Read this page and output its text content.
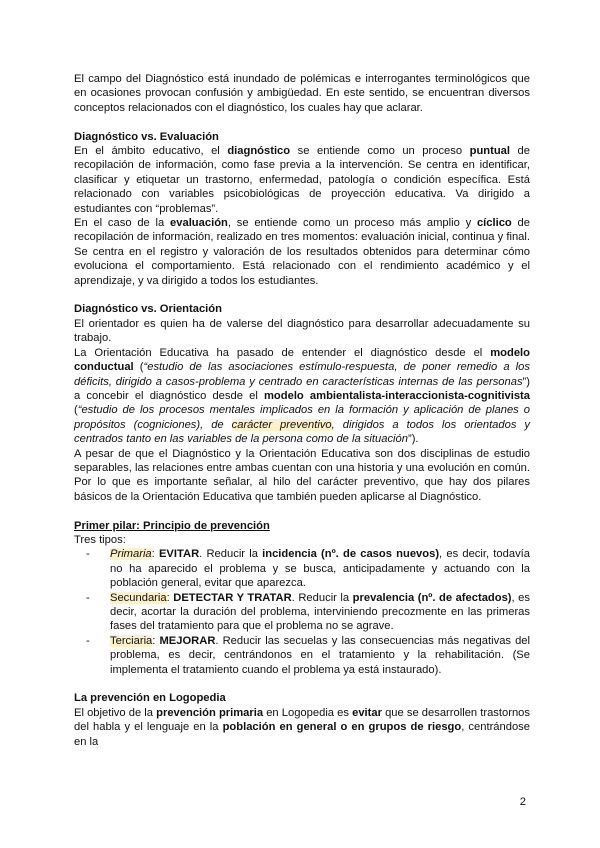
El campo del Diagnóstico está inundado de polémicas e interrogantes terminológicos que en ocasiones provocan confusión y ambigüedad. En este sentido, se encuentran diversos conceptos relacionados con el diagnóstico, los cuales hay que aclarar.

Diagnóstico vs. Evaluación

En el ámbito educativo, el diagnóstico se entiende como un proceso puntual de recopilación de información, como fase previa a la intervención. Se centra en identificar, clasificar y etiquetar un trastorno, enfermedad, patología o condición específica. Está relacionado con variables psicobiológicas de proyección educativa. Va dirigido a estudiantes con “problemas”.

En el caso de la evaluación, se entiende como un proceso más amplio y cíclico de recopilación de información, realizado en tres momentos: evaluación inicial, continua y final. Se centra en el registro y valoración de los resultados obtenidos para determinar cómo evoluciona el comportamiento. Está relacionado con el rendimiento académico y el aprendizaje, y va dirigido a todos los estudiantes.

Diagnóstico vs. Orientación

El orientador es quien ha de valerse del diagnóstico para desarrollar adecuadamente su trabajo.

La Orientación Educativa ha pasado de entender el diagnóstico desde el modelo conductual (“estudio de las asociaciones estímulo-respuesta, de poner remedio a los déficits, dirigido a casos-problema y centrado en características internas de las personas”) a concebir el diagnóstico desde el modelo ambientalista-interaccionista-cognitivista (“estudio de los procesos mentales implicados en la formación y aplicación de planes o propósitos (cogniciones), de carácter preventivo, dirigidos a todos los orientados y centrados tanto en las variables de la persona como de la situación”).

A pesar de que el Diagnóstico y la Orientación Educativa son dos disciplinas de estudio separables, las relaciones entre ambas cuentan con una historia y una evolución en común. Por lo que es importante señalar, al hilo del carácter preventivo, que hay dos pilares básicos de la Orientación Educativa que también pueden aplicarse al Diagnóstico.

Primer pilar: Principio de prevención

Tres tipos:

- Primaria: EVITAR. Reducir la incidencia (nº. de casos nuevos), es decir, todavía no ha aparecido el problema y se busca, anticipadamente y actuando con la población general, evitar que aparezca.
- Secundaria: DETECTAR Y TRATAR. Reducir la prevalencia (nº. de afectados), es decir, acortar la duración del problema, interviniendo precozmente en las primeras fases del tratamiento para que el problema no se agrave.
- Terciaria: MEJORAR. Reducir las secuelas y las consecuencias más negativas del problema, es decir, centrándonos en el tratamiento y la rehabilitación. (Se implementa el tratamiento cuando el problema ya está instaurado).
La prevención en Logopedia

El objetivo de la prevención primaria en Logopedia es evitar que se desarrollen trastornos del habla y el lenguaje en la población en general o en grupos de riesgo, centrándose en la

2
